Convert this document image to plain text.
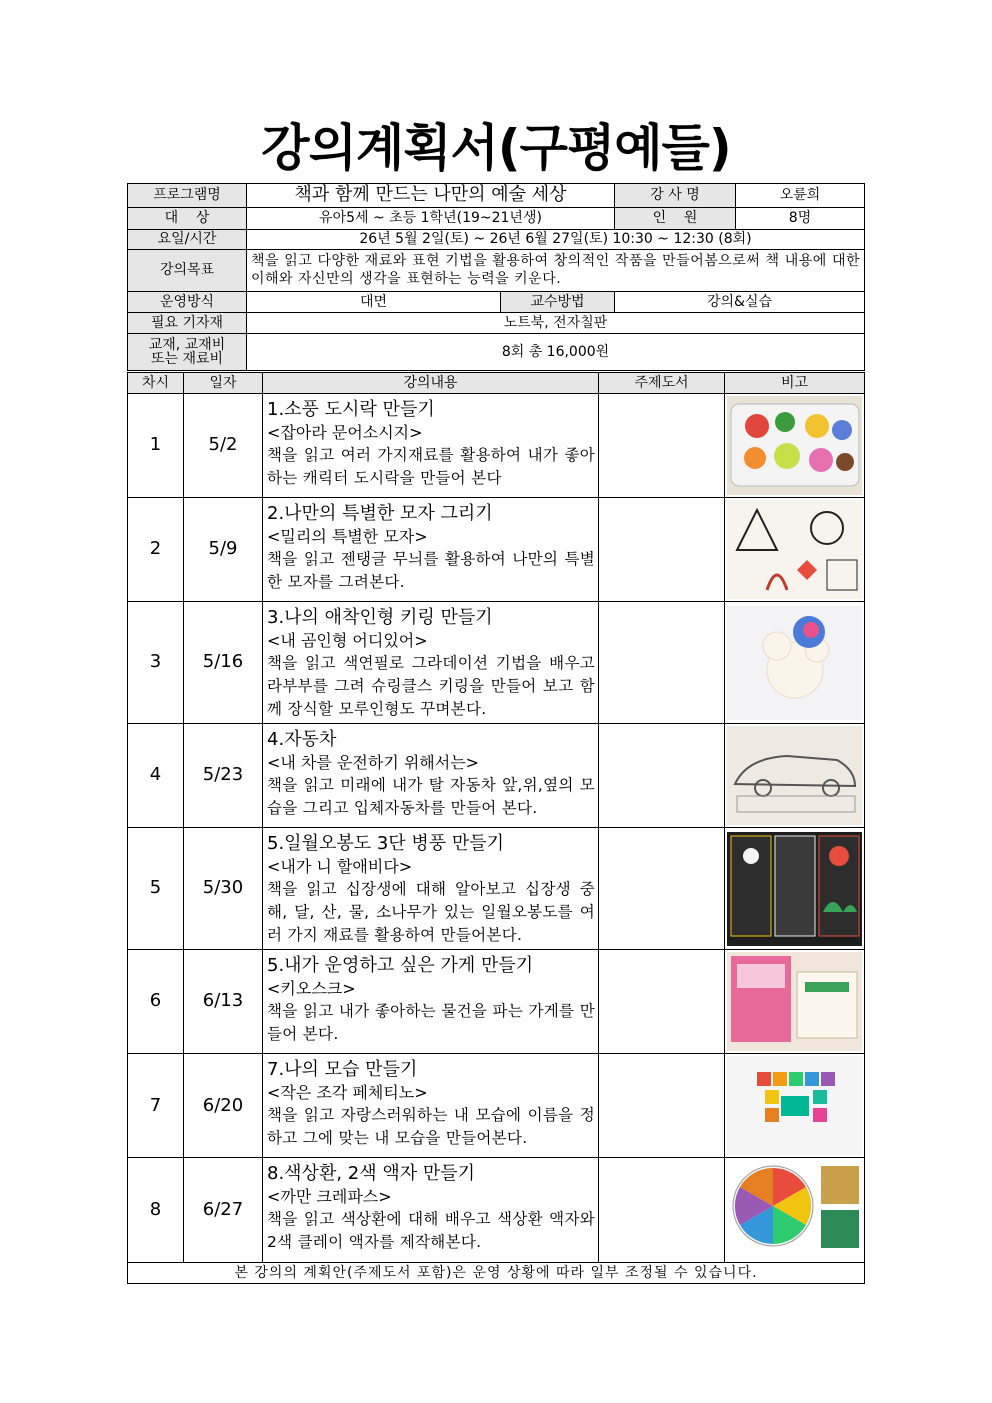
강의계획서(구평예들)
프로그램명	책과 함께 만드는 나만의 예술 세상		강 사 명	오륜희
대    상	유아5세 ~ 초등 1학년(19~21년생)		인    원	8명
요일/시간	26년 5월 2일(토) ~ 26년 6월 27일(토) 10:30 ~ 12:30 (8회)			
강의목표	책을 읽고 다양한 재료와 표현 기법을 활용하여 창의적인 작품을 만들어봄으로써 책 내용에 대한 이해와 자신만의 생각을 표현하는 능력을 키운다.			
운영방식	대면	교수방법	강의&실습	
필요 기자재	노트북, 전자칠판			

교재, 교재비
또는 재료비	8회 총 16,000원			
차시	일자	강의내용	주제도서	비고
1	5/2	1.소풍 도시락 만들기
<잡아라 문어소시지>
책을 읽고 여러 가지재료를 활용하여 내가 좋아하는 캐릭터 도시락을 만들어 본다

2	5/9	2.나만의 특별한 모자 그리기
<밀리의 특별한 모자>
책을 읽고 젠탱글 무늬를 활용하여 나만의 특별한 모자를 그려본다.

3	5/16	3.나의 애착인형 키링 만들기
<내 곰인형 어디있어>
책을 읽고 색연필로 그라데이션 기법을 배우고 라부부를 그려 슈링클스 키링을 만들어 보고 함께 장식할 모루인형도 꾸며본다.

4	5/23	4.자동차
<내 차를 운전하기 위해서는>
책을 읽고 미래에 내가 탈 자동차 앞,위,옆의 모습을 그리고 입체자동차를 만들어 본다.

5	5/30	5.일월오봉도 3단 병풍 만들기
<내가 니 할애비다>
책을 읽고 십장생에 대해 알아보고 십장생 중 해, 달, 산, 물, 소나무가 있는 일월오봉도를 여러 가지 재료를 활용하여 만들어본다.

6	6/13	5.내가 운영하고 싶은 가게 만들기
<키오스크>
책을 읽고 내가 좋아하는 물건을 파는 가게를 만들어 본다.

7	6/20	7.나의 모습 만들기
<작은 조각 페체티노>
책을 읽고 자랑스러워하는 내 모습에 이름을 정하고 그에 맞는 내 모습을 만들어본다.

8	6/27	8.색상환, 2색 액자 만들기
<까만 크레파스>
책을 읽고 색상환에 대해 배우고 색상환 액자와 2색 클레이 액자를 제작해본다.

본 강의의 계획안(주제도서 포함)은 운영 상황에 따라 일부 조정될 수 있습니다.				
